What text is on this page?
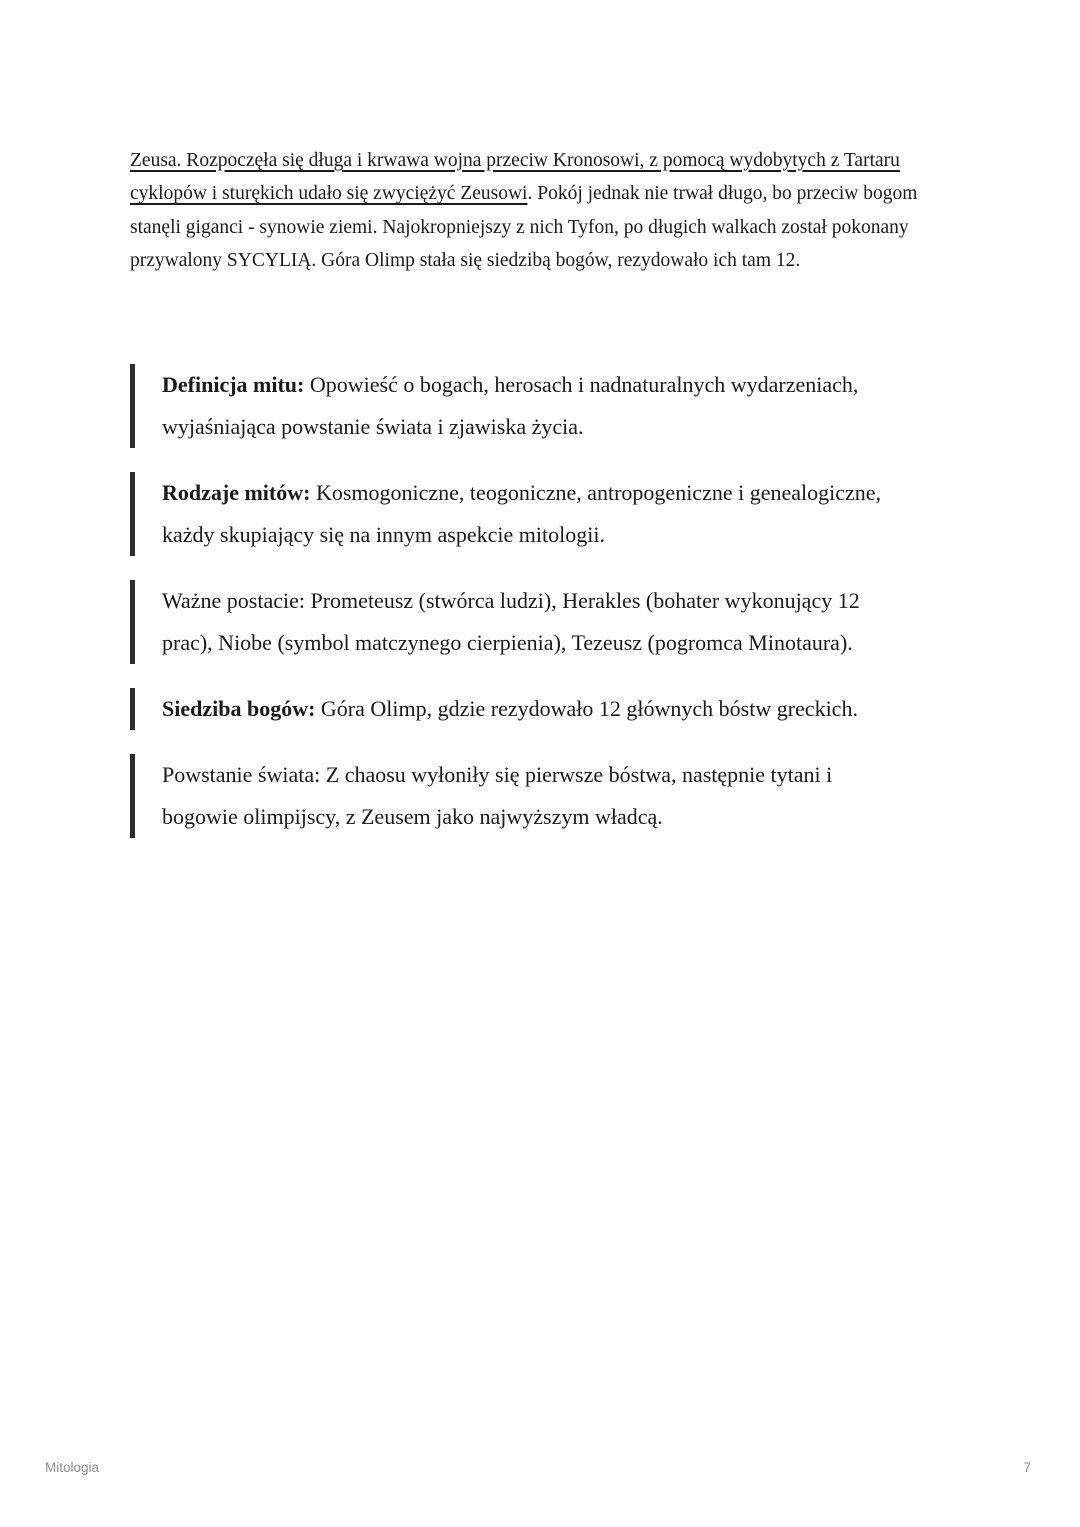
Zeusa. Rozpoczęła się długa i krwawa wojna przeciw Kronosowi, z pomocą wydobytych z Tartaru cyklopów i sturękich udało się zwyciężyć Zeusowi. Pokój jednak nie trwał długo, bo przeciw bogom stanęli giganci - synowie ziemi. Najokropniejszy z nich Tyfon, po długich walkach został pokonany przywalony SYCYLIĄ. Góra Olimp stała się siedzibą bogów, rezydowało ich tam 12.

Definicja mitu: Opowieść o bogach, herosach i nadnaturalnych wydarzeniach, wyjaśniająca powstanie świata i zjawiska życia.
Rodzaje mitów: Kosmogoniczne, teogoniczne, antropogeniczne i genealogiczne, każdy skupiający się na innym aspekcie mitologii.
Ważne postacie: Prometeusz (stwórca ludzi), Herakles (bohater wykonujący 12 prac), Niobe (symbol matczynego cierpienia), Tezeusz (pogromca Minotaura).
Siedziba bogów: Góra Olimp, gdzie rezydowało 12 głównych bóstw greckich.
Powstanie świata: Z chaosu wyłoniły się pierwsze bóstwa, następnie tytani i bogowie olimpijscy, z Zeusem jako najwyższym władcą.
Mitologia	7
